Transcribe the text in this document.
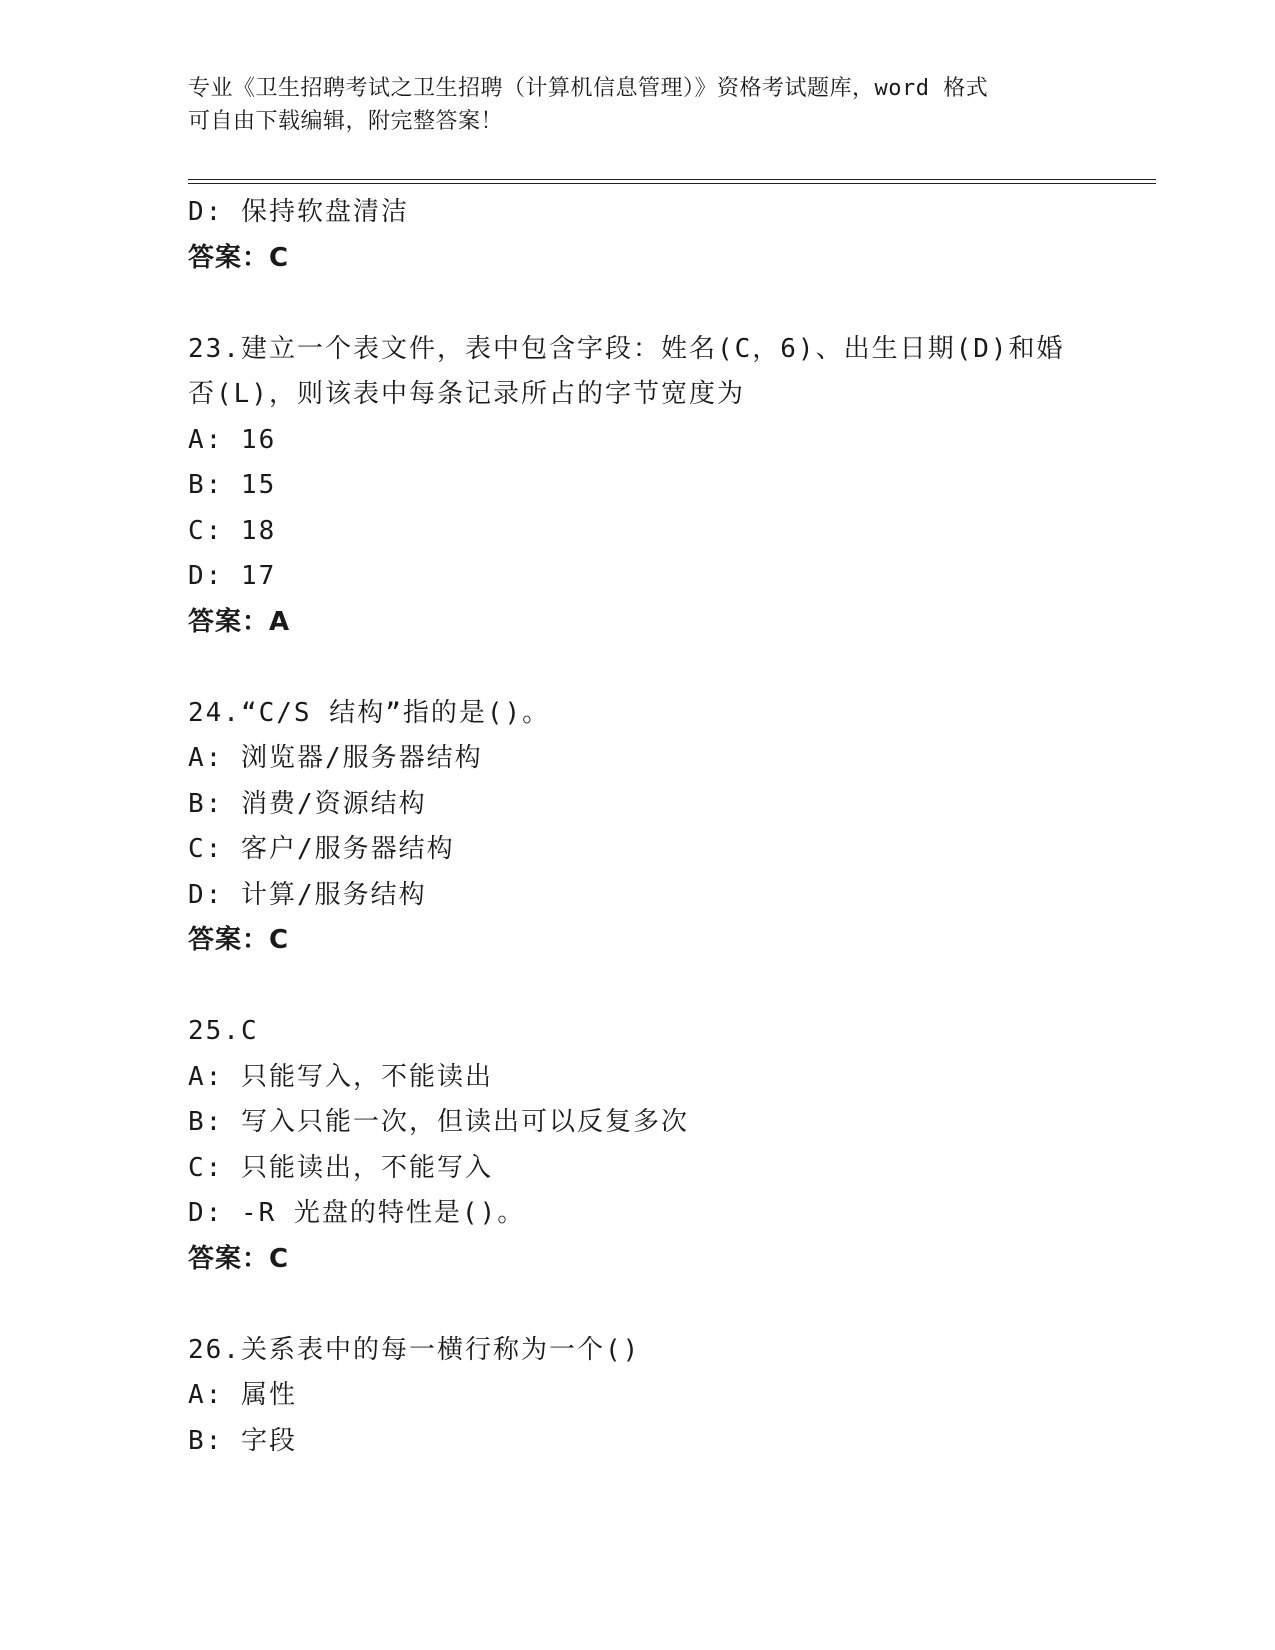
专业《卫生招聘考试之卫生招聘（计算机信息管理）》资格考试题库，word 格式
可自由下载编辑，附完整答案！
D: 保持软盘清洁
答案：C
23.建立一个表文件，表中包含字段：姓名(C，6)、出生日期(D)和婚
否(L)，则该表中每条记录所占的字节宽度为
A: 16
B: 15
C: 18
D: 17
答案：A
24.“C/S 结构”指的是()。
A: 浏览器/服务器结构
B: 消费/资源结构
C: 客户/服务器结构
D: 计算/服务结构
答案：C
25.C
A: 只能写入，不能读出
B: 写入只能一次，但读出可以反复多次
C: 只能读出，不能写入
D: -R 光盘的特性是()。
答案：C
26.关系表中的每一横行称为一个()
A: 属性
B: 字段
